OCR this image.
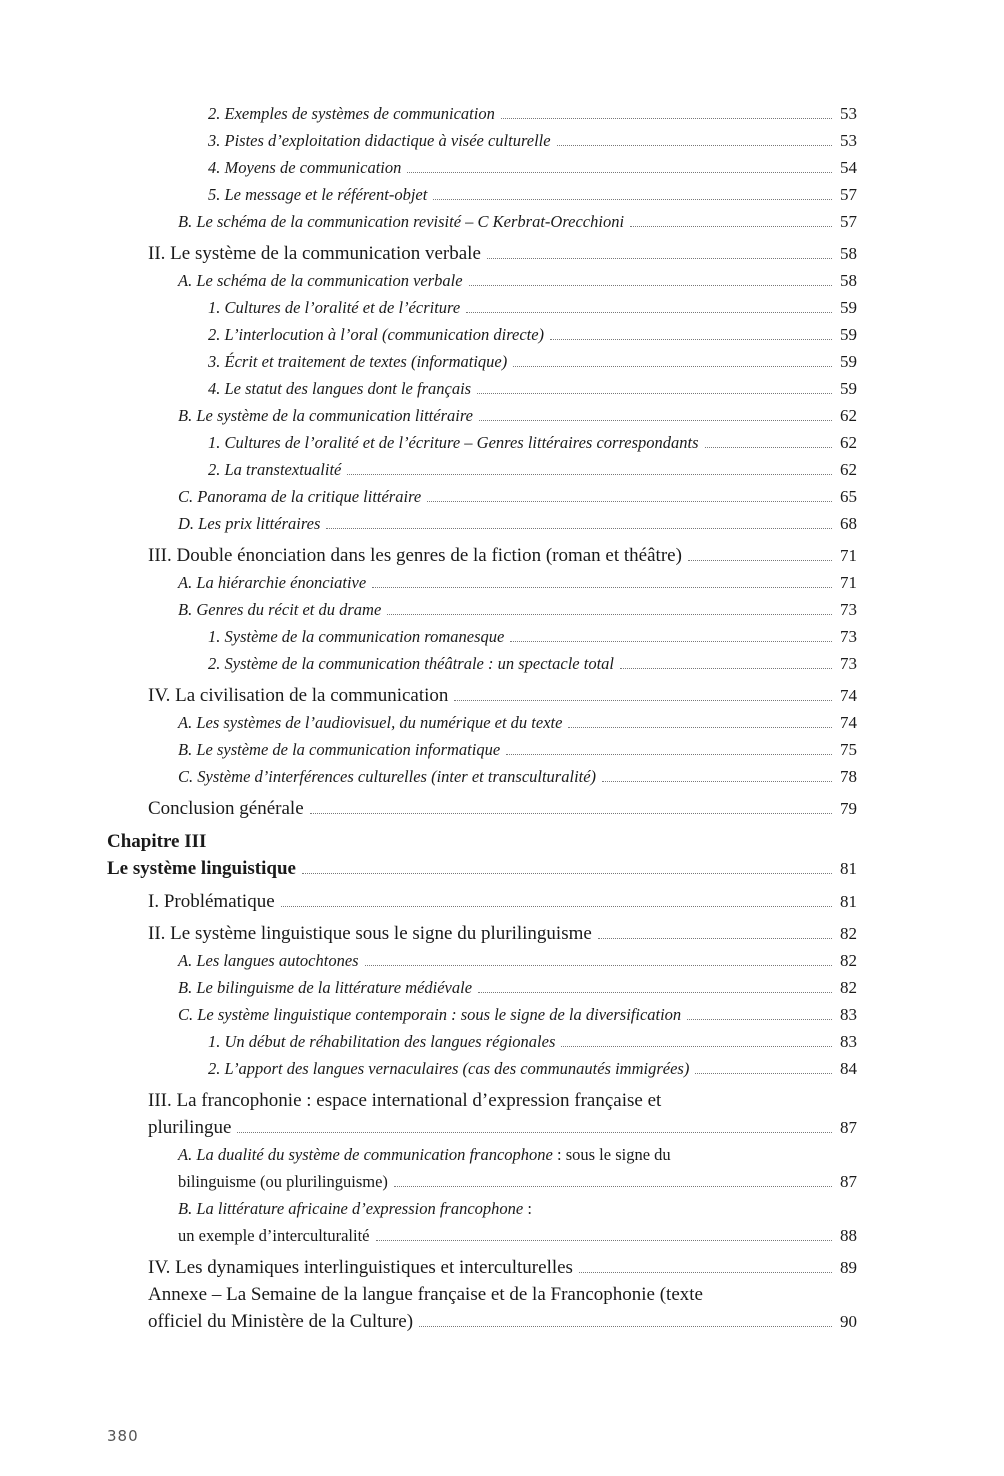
2. Exemples de systèmes de communication	53
3. Pistes d’exploitation didactique à visée culturelle	53
4. Moyens de communication	54
5. Le message et le référent-objet	57
B. Le schéma de la communication revisité – C Kerbrat-Orecchioni	57
II. Le système de la communication verbale	58
A. Le schéma de la communication verbale	58
1. Cultures de l’oralité et de l’écriture	59
2. L’interlocution à l’oral (communication directe)	59
3. Écrit et traitement de textes (informatique)	59
4. Le statut des langues dont le français	59
B. Le système de la communication littéraire	62
1. Cultures de l’oralité et de l’écriture – Genres littéraires correspondants	62
2. La transtextualité	62
C. Panorama de la critique littéraire	65
D. Les prix littéraires	68
III. Double énonciation dans les genres de la fiction (roman et théâtre)	71
A. La hiérarchie énonciative	71
B. Genres du récit et du drame	73
1. Système de la communication romanesque	73
2. Système de la communication théâtrale : un spectacle total	73
IV. La civilisation de la communication	74
A. Les systèmes de l’audiovisuel, du numérique et du texte	74
B. Le système de la communication informatique	75
C. Système d’interférences culturelles (inter et transculturalité)	78
Conclusion générale	79
Chapitre III
Le système linguistique	81
I. Problématique	81
II. Le système linguistique sous le signe du plurilinguisme	82
A. Les langues autochtones	82
B. Le bilinguisme de la littérature médiévale	82
C. Le système linguistique contemporain : sous le signe de la diversification	83
1. Un début de réhabilitation des langues régionales	83
2. L’apport des langues vernaculaires (cas des communautés immigrées)	84
III. La francophonie : espace international d’expression française et
plurilingue	87
A. La dualité du système de communication francophone : sous le signe du
bilinguisme (ou plurilinguisme)	87
B. La littérature africaine d’expression francophone :
un exemple d’interculturalité	88
IV. Les dynamiques interlinguistiques et interculturelles	89
Annexe – La Semaine de la langue française et de la Francophonie (texte
officiel du Ministère de la Culture)	90
380
